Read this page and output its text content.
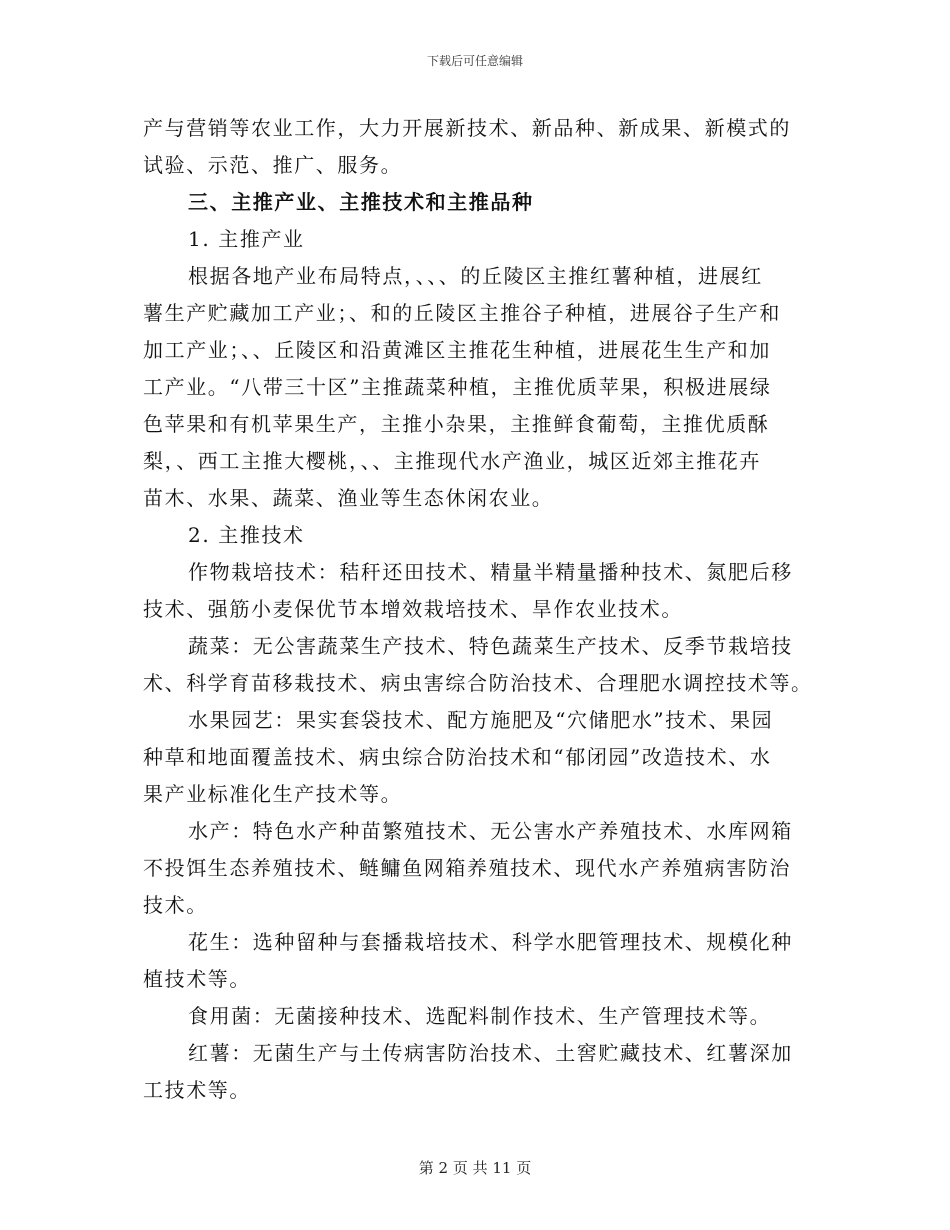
下载后可任意编辑
产与营销等农业工作，大力开展新技术、新品种、新成果、新模式的
试验、示范、推广、服务。
三、主推产业、主推技术和主推品种
1. 主推产业
根据各地产业布局特点，、、、的丘陵区主推红薯种植，进展红
薯生产贮藏加工产业；、和的丘陵区主推谷子种植，进展谷子生产和
加工产业；、、丘陵区和沿黄滩区主推花生种植，进展花生生产和加
工产业。“八带三十区”主推蔬菜种植，主推优质苹果，积极进展绿
色苹果和有机苹果生产，主推小杂果，主推鲜食葡萄，主推优质酥
梨，、西工主推大樱桃，、、主推现代水产渔业，城区近郊主推花卉
苗木、水果、蔬菜、渔业等生态休闲农业。
2. 主推技术
作物栽培技术：秸秆还田技术、精量半精量播种技术、氮肥后移
技术、强筋小麦保优节本增效栽培技术、旱作农业技术。
蔬菜：无公害蔬菜生产技术、特色蔬菜生产技术、反季节栽培技
术、科学育苗移栽技术、病虫害综合防治技术、合理肥水调控技术等。
水果园艺：果实套袋技术、配方施肥及“穴储肥水”技术、果园
种草和地面覆盖技术、病虫综合防治技术和“郁闭园”改造技术、水
果产业标准化生产技术等。
水产：特色水产种苗繁殖技术、无公害水产养殖技术、水库网箱
不投饵生态养殖技术、鲢鳙鱼网箱养殖技术、现代水产养殖病害防治
技术。
花生：选种留种与套播栽培技术、科学水肥管理技术、规模化种
植技术等。
食用菌：无菌接种技术、选配料制作技术、生产管理技术等。
红薯：无菌生产与土传病害防治技术、土窖贮藏技术、红薯深加
工技术等。
第 2 页 共 11 页
